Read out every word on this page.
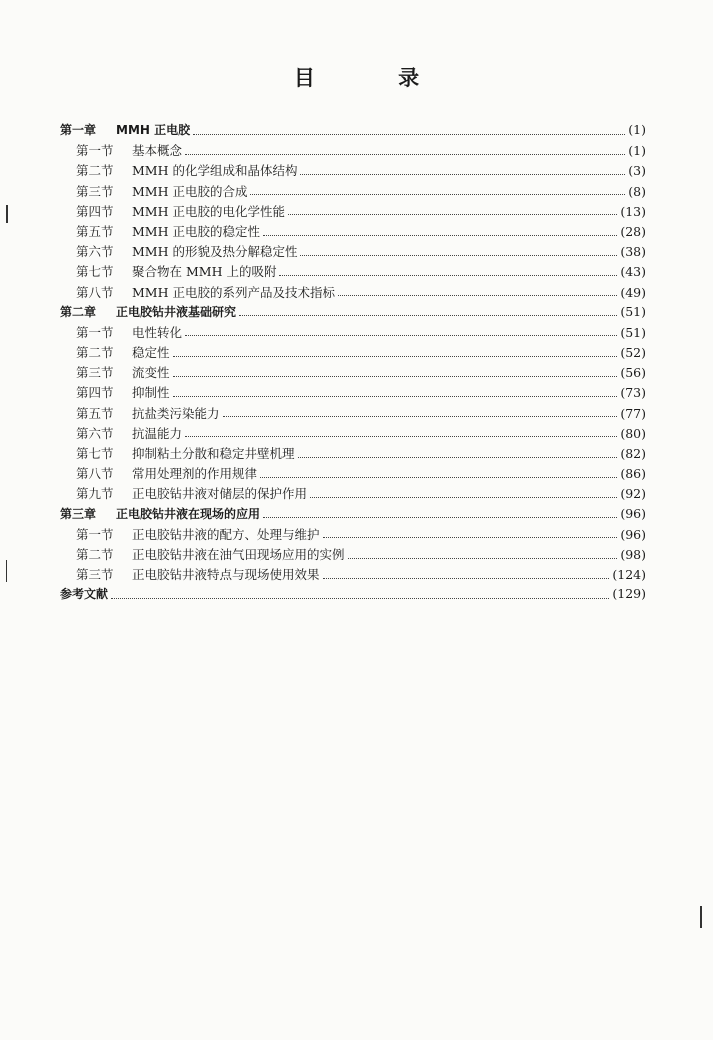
目 录
第一章	MMH 正电胶	(1)
第一节	基本概念	(1)
第二节	MMH 的化学组成和晶体结构	(3)
第三节	MMH 正电胶的合成	(8)
第四节	MMH 正电胶的电化学性能	(13)
第五节	MMH 正电胶的稳定性	(28)
第六节	MMH 的形貌及热分解稳定性	(38)
第七节	聚合物在 MMH 上的吸附	(43)
第八节	MMH 正电胶的系列产品及技术指标	(49)
第二章	正电胶钻井液基础研究	(51)
第一节	电性转化	(51)
第二节	稳定性	(52)
第三节	流变性	(56)
第四节	抑制性	(73)
第五节	抗盐类污染能力	(77)
第六节	抗温能力	(80)
第七节	抑制粘土分散和稳定井壁机理	(82)
第八节	常用处理剂的作用规律	(86)
第九节	正电胶钻井液对储层的保护作用	(92)
第三章	正电胶钻井液在现场的应用	(96)
第一节	正电胶钻井液的配方、处理与维护	(96)
第二节	正电胶钻井液在油气田现场应用的实例	(98)
第三节	正电胶钻井液特点与现场使用效果	(124)
参考文献	(129)
